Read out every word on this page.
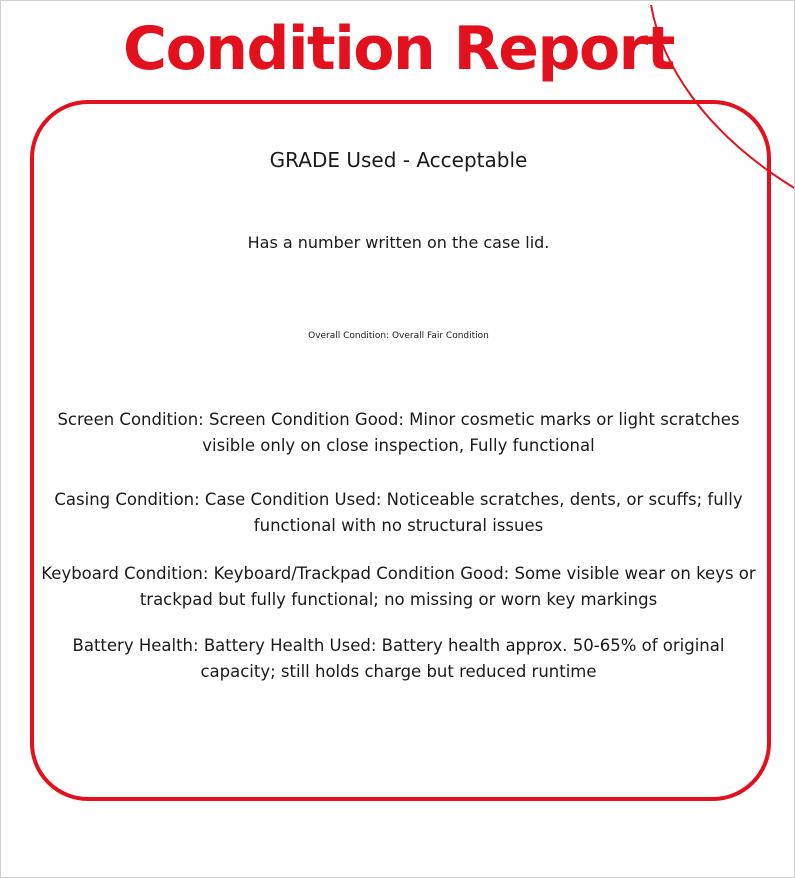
Condition Report
GRADE Used - Acceptable
Has a number written on the case lid.
Overall Condition: Overall Fair Condition
Screen Condition: Screen Condition Good: Minor cosmetic marks or light scratches visible only on close inspection, Fully functional
Casing Condition: Case Condition Used: Noticeable scratches, dents, or scuffs; fully functional with no structural issues
Keyboard Condition: Keyboard/Trackpad Condition Good: Some visible wear on keys or trackpad but fully functional; no missing or worn key markings
Battery Health: Battery Health Used: Battery health approx. 50-65% of original capacity; still holds charge but reduced runtime
